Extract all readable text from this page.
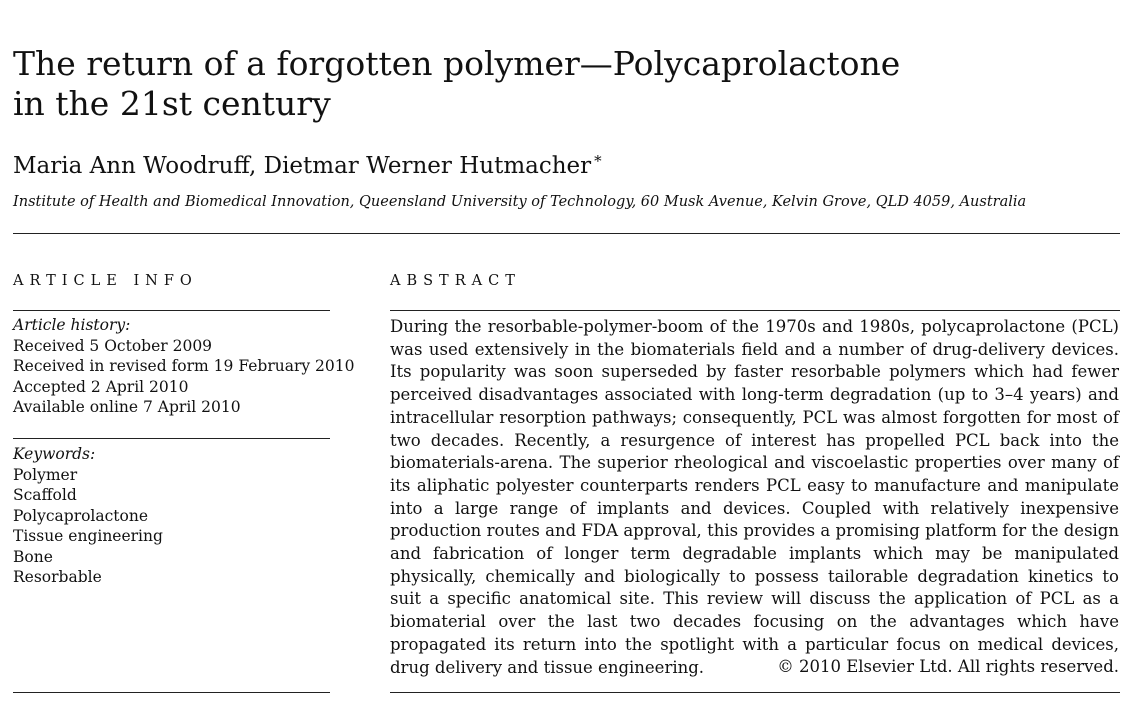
The return of a forgotten polymer—Polycaprolactone
in the 21st century
Maria Ann Woodruff, Dietmar Werner Hutmacher *
Institute of Health and Biomedical Innovation, Queensland University of Technology, 60 Musk Avenue, Kelvin Grove, QLD 4059, Australia
ARTICLE INFO	ABSTRACT
Article history:
Received 5 October 2009
Received in revised form 19 February 2010
Accepted 2 April 2010
Available online 7 April 2010
Keywords:
Polymer
Scaffold
Polycaprolactone
Tissue engineering
Bone
Resorbable

During the resorbable-polymer-boom of the 1970s and 1980s, polycaprolactone (PCL) was used extensively in the biomaterials field and a number of drug-delivery devices. Its popularity was soon superseded by faster resorbable polymers which had fewer perceived disadvantages associated with long-term degradation (up to 3–4 years) and intracellular resorption pathways; consequently, PCL was almost forgotten for most of two decades. Recently, a resurgence of interest has propelled PCL back into the biomaterials-arena. The superior rheological and viscoelastic properties over many of its aliphatic polyester counterparts renders PCL easy to manufacture and manipulate into a large range of implants and devices. Coupled with relatively inexpensive production routes and FDA approval, this provides a promising platform for the design and fabrication of longer term degradable implants which may be manipulated physically, chemically and biologically to possess tailorable degradation kinetics to suit a specific anatomical site. This review will discuss the application of PCL as a biomaterial over the last two decades focusing on the advantages which have propagated its return into the spotlight with a particular focus on medical devices, drug delivery and tissue engineering.	© 2010 Elsevier Ltd. All rights reserved.
